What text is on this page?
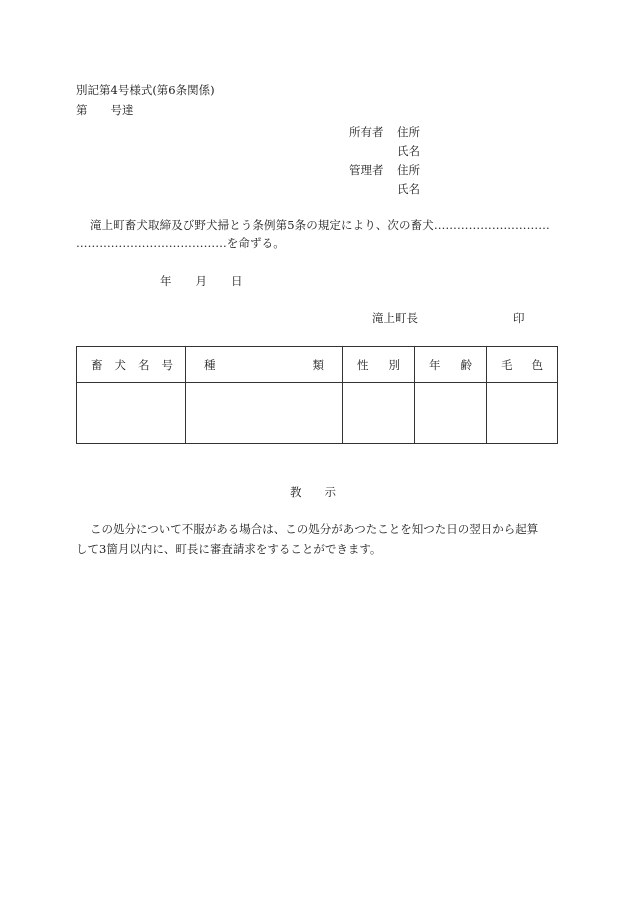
別記第4号様式(第6条関係)
第　　号達
所有者 住所
氏名
管理者 住所
氏名
滝上町畜犬取締及び野犬掃とう条例第5条の規定により、次の畜犬…………………………
…………………………………を命ずる。
年 月 日
滝上町長	印
畜 犬 名 号	種 類	性 別	年 齢	毛 色

教　　示
この処分について不服がある場合は、この処分があつたことを知つた日の翌日から起算
して3箇月以内に、町長に審査請求をすることができます。
